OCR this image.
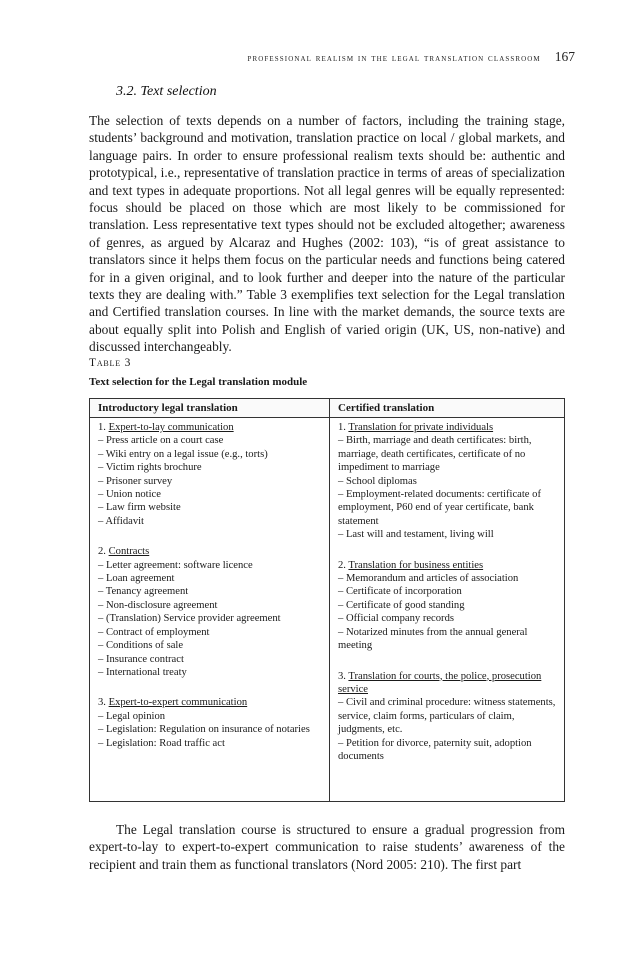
professional realism in the legal translation classroom 167
3.2. Text selection
The selection of texts depends on a number of factors, including the training stage, students’ background and motivation, translation practice on local / global markets, and language pairs. In order to ensure professional realism texts should be: authentic and prototypical, i.e., representative of translation practice in terms of areas of specialization and text types in adequate proportions. Not all legal genres will be equally represented: focus should be placed on those which are most likely to be commissioned for translation. Less representative text types should not be excluded altogether; awareness of genres, as argued by Alcaraz and Hughes (2002: 103), “is of great assistance to translators since it helps them focus on the particular needs and functions being catered for in a given original, and to look further and deeper into the nature of the particular texts they are dealing with.” Table 3 exemplifies text selection for the Legal translation and Certified translation courses. In line with the market demands, the source texts are about equally split into Polish and English of varied origin (UK, US, non-native) and discussed interchangeably.
Table 3
Text selection for the Legal translation module
Introductory legal translation	Certified translation
1. Expert-to-lay communication
– Press article on a court case
– Wiki entry on a legal issue (e.g., torts)
– Victim rights brochure
– Prisoner survey
– Union notice
– Law firm website
– Affidavit
2. Contracts
– Letter agreement: software licence
– Loan agreement
– Tenancy agreement
– Non-disclosure agreement
– (Translation) Service provider agreement
– Contract of employment
– Conditions of sale
– Insurance contract
– International treaty
3. Expert-to-expert communication
– Legal opinion
– Legislation: Regulation on insurance of notaries
– Legislation: Road traffic act
1. Translation for private individuals
– Birth, marriage and death certificates: birth, marriage, death certificates, certificate of no impediment to marriage
– School diplomas
– Employment-related documents: certificate of employment, P60 end of year certificate, bank statement
– Last will and testament, living will
2. Translation for business entities
– Memorandum and articles of association
– Certificate of incorporation
– Certificate of good standing
– Official company records
– Notarized minutes from the annual general meeting
3. Translation for courts, the police, prosecution service
– Civil and criminal procedure: witness statements, service, claim forms, particulars of claim, judgments, etc.
– Petition for divorce, paternity suit, adoption documents
The Legal translation course is structured to ensure a gradual progression from expert-to-lay to expert-to-expert communication to raise students’ awareness of the recipient and train them as functional translators (Nord 2005: 210). The first part
